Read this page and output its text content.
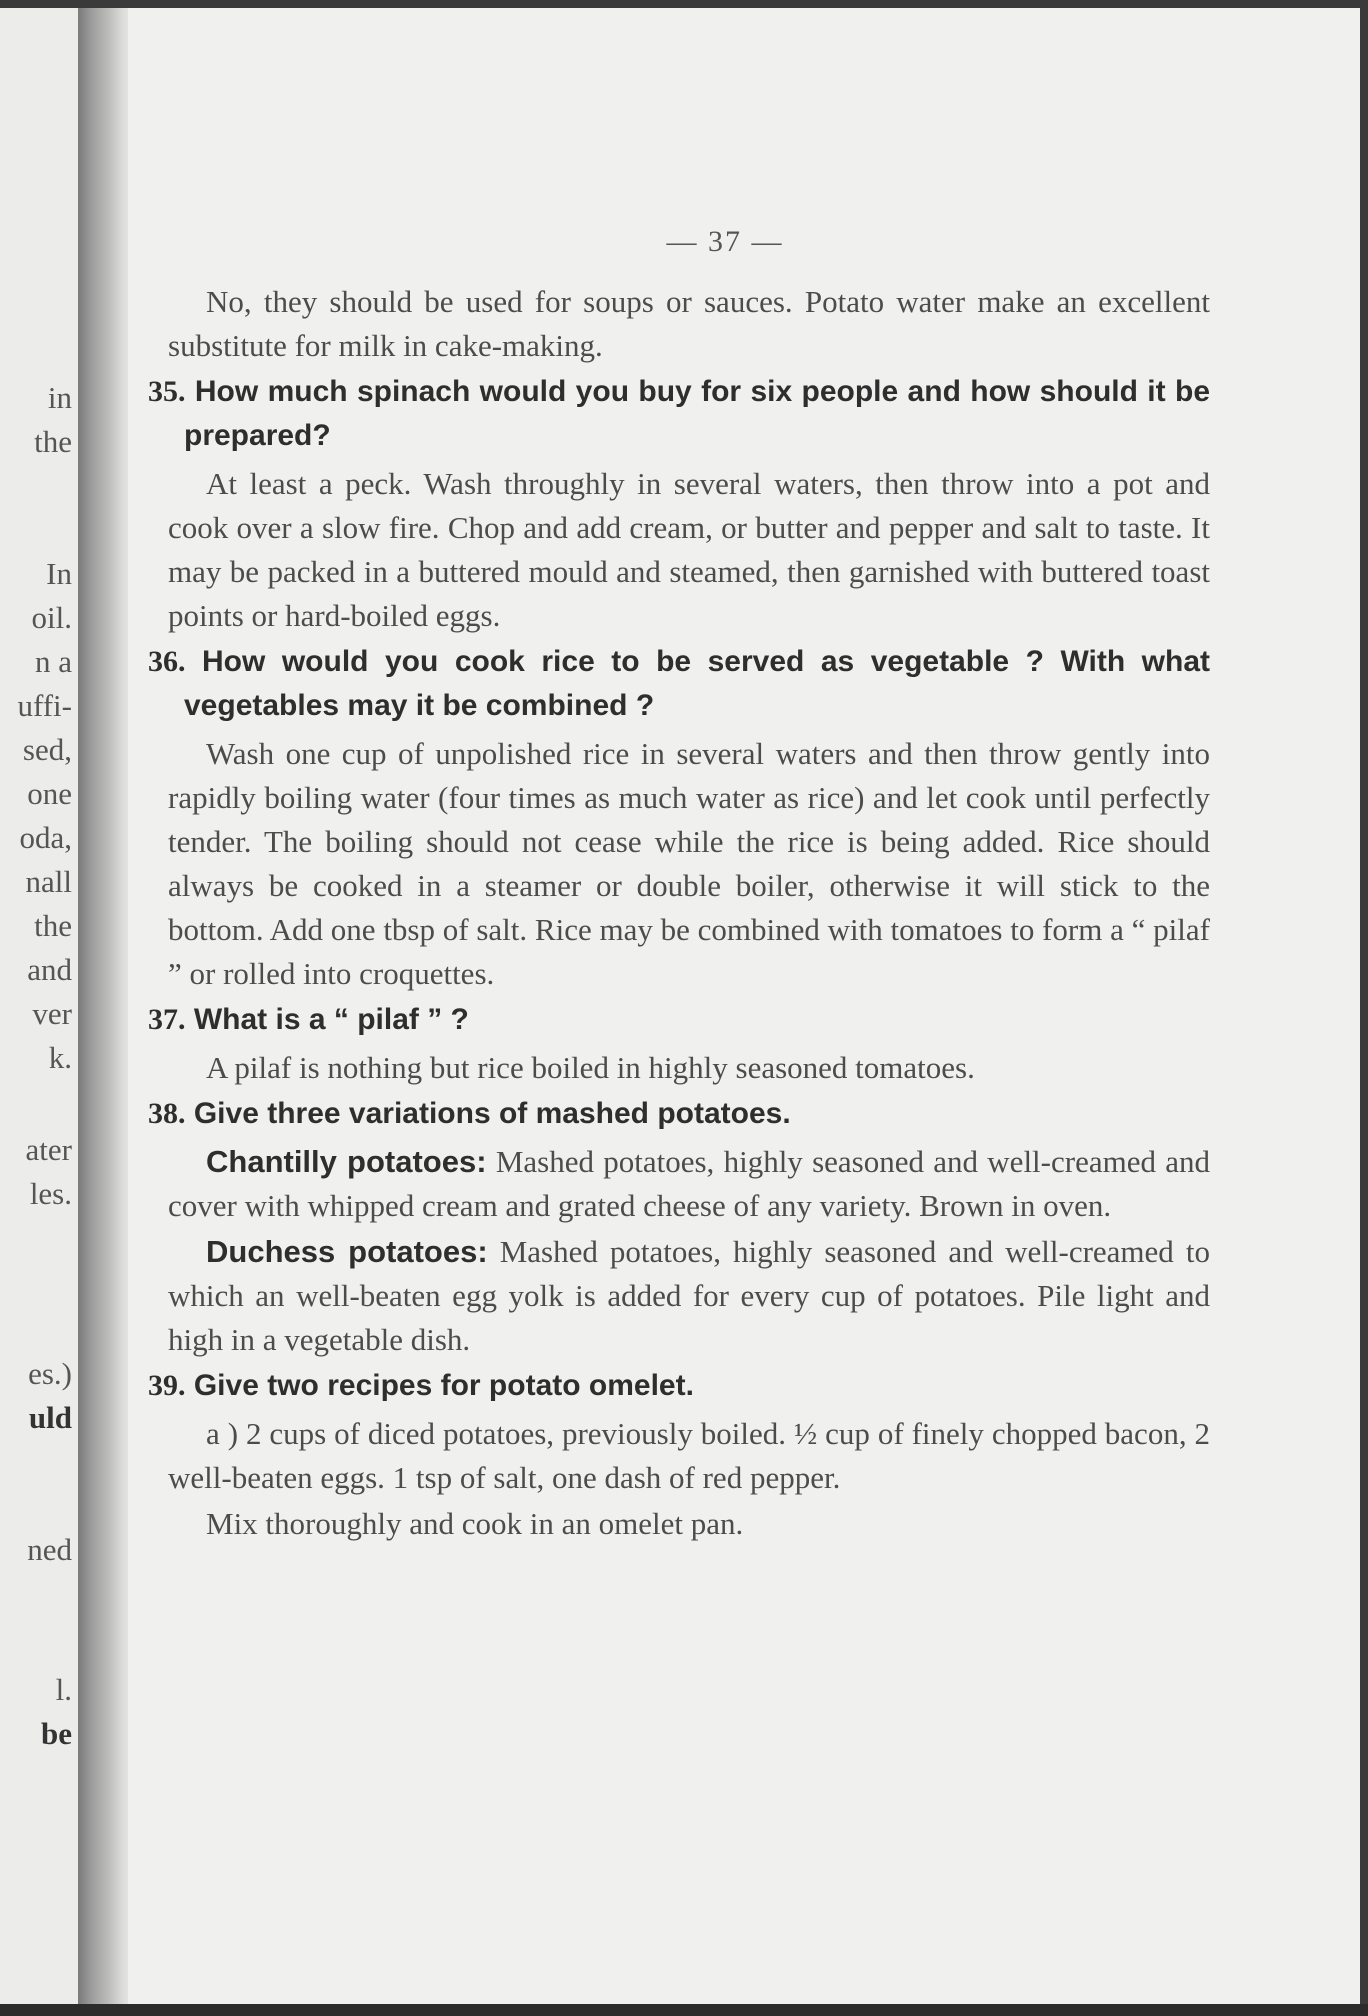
in
the
In
oil.
n a
uffi-
sed,
one
oda,
nall
the
and
ver
k.
ater
les.
es.)
uld
ned
l.
be
— 37 —

No, they should be used for soups or sauces. Potato water make an excellent substitute for milk in cake-making.

35. How much spinach would you buy for six people and how should it be prepared?

At least a peck. Wash throughly in several waters, then throw into a pot and cook over a slow fire. Chop and add cream, or butter and pepper and salt to taste. It may be packed in a buttered mould and steamed, then garnished with buttered toast points or hard-boiled eggs.

36. How would you cook rice to be served as vegetable ? With what vegetables may it be combined ?

Wash one cup of unpolished rice in several waters and then throw gently into rapidly boiling water (four times as much water as rice) and let cook until perfectly tender. The boiling should not cease while the rice is being added. Rice should always be cooked in a steamer or double boiler, otherwise it will stick to the bottom. Add one tbsp of salt. Rice may be combined with tomatoes to form a “ pilaf ” or rolled into croquettes.

37. What is a “ pilaf ” ?

A pilaf is nothing but rice boiled in highly seasoned tomatoes.

38. Give three variations of mashed potatoes.

Chantilly potatoes: Mashed potatoes, highly seasoned and well-creamed and cover with whipped cream and grated cheese of any variety. Brown in oven.

Duchess potatoes: Mashed potatoes, highly seasoned and well-creamed to which an well-beaten egg yolk is added for every cup of potatoes. Pile light and high in a vegetable dish.

39. Give two recipes for potato omelet.

a ) 2 cups of diced potatoes, previously boiled. ½ cup of finely chopped bacon, 2 well-beaten eggs. 1 tsp of salt, one dash of red pepper.

Mix thoroughly and cook in an omelet pan.
